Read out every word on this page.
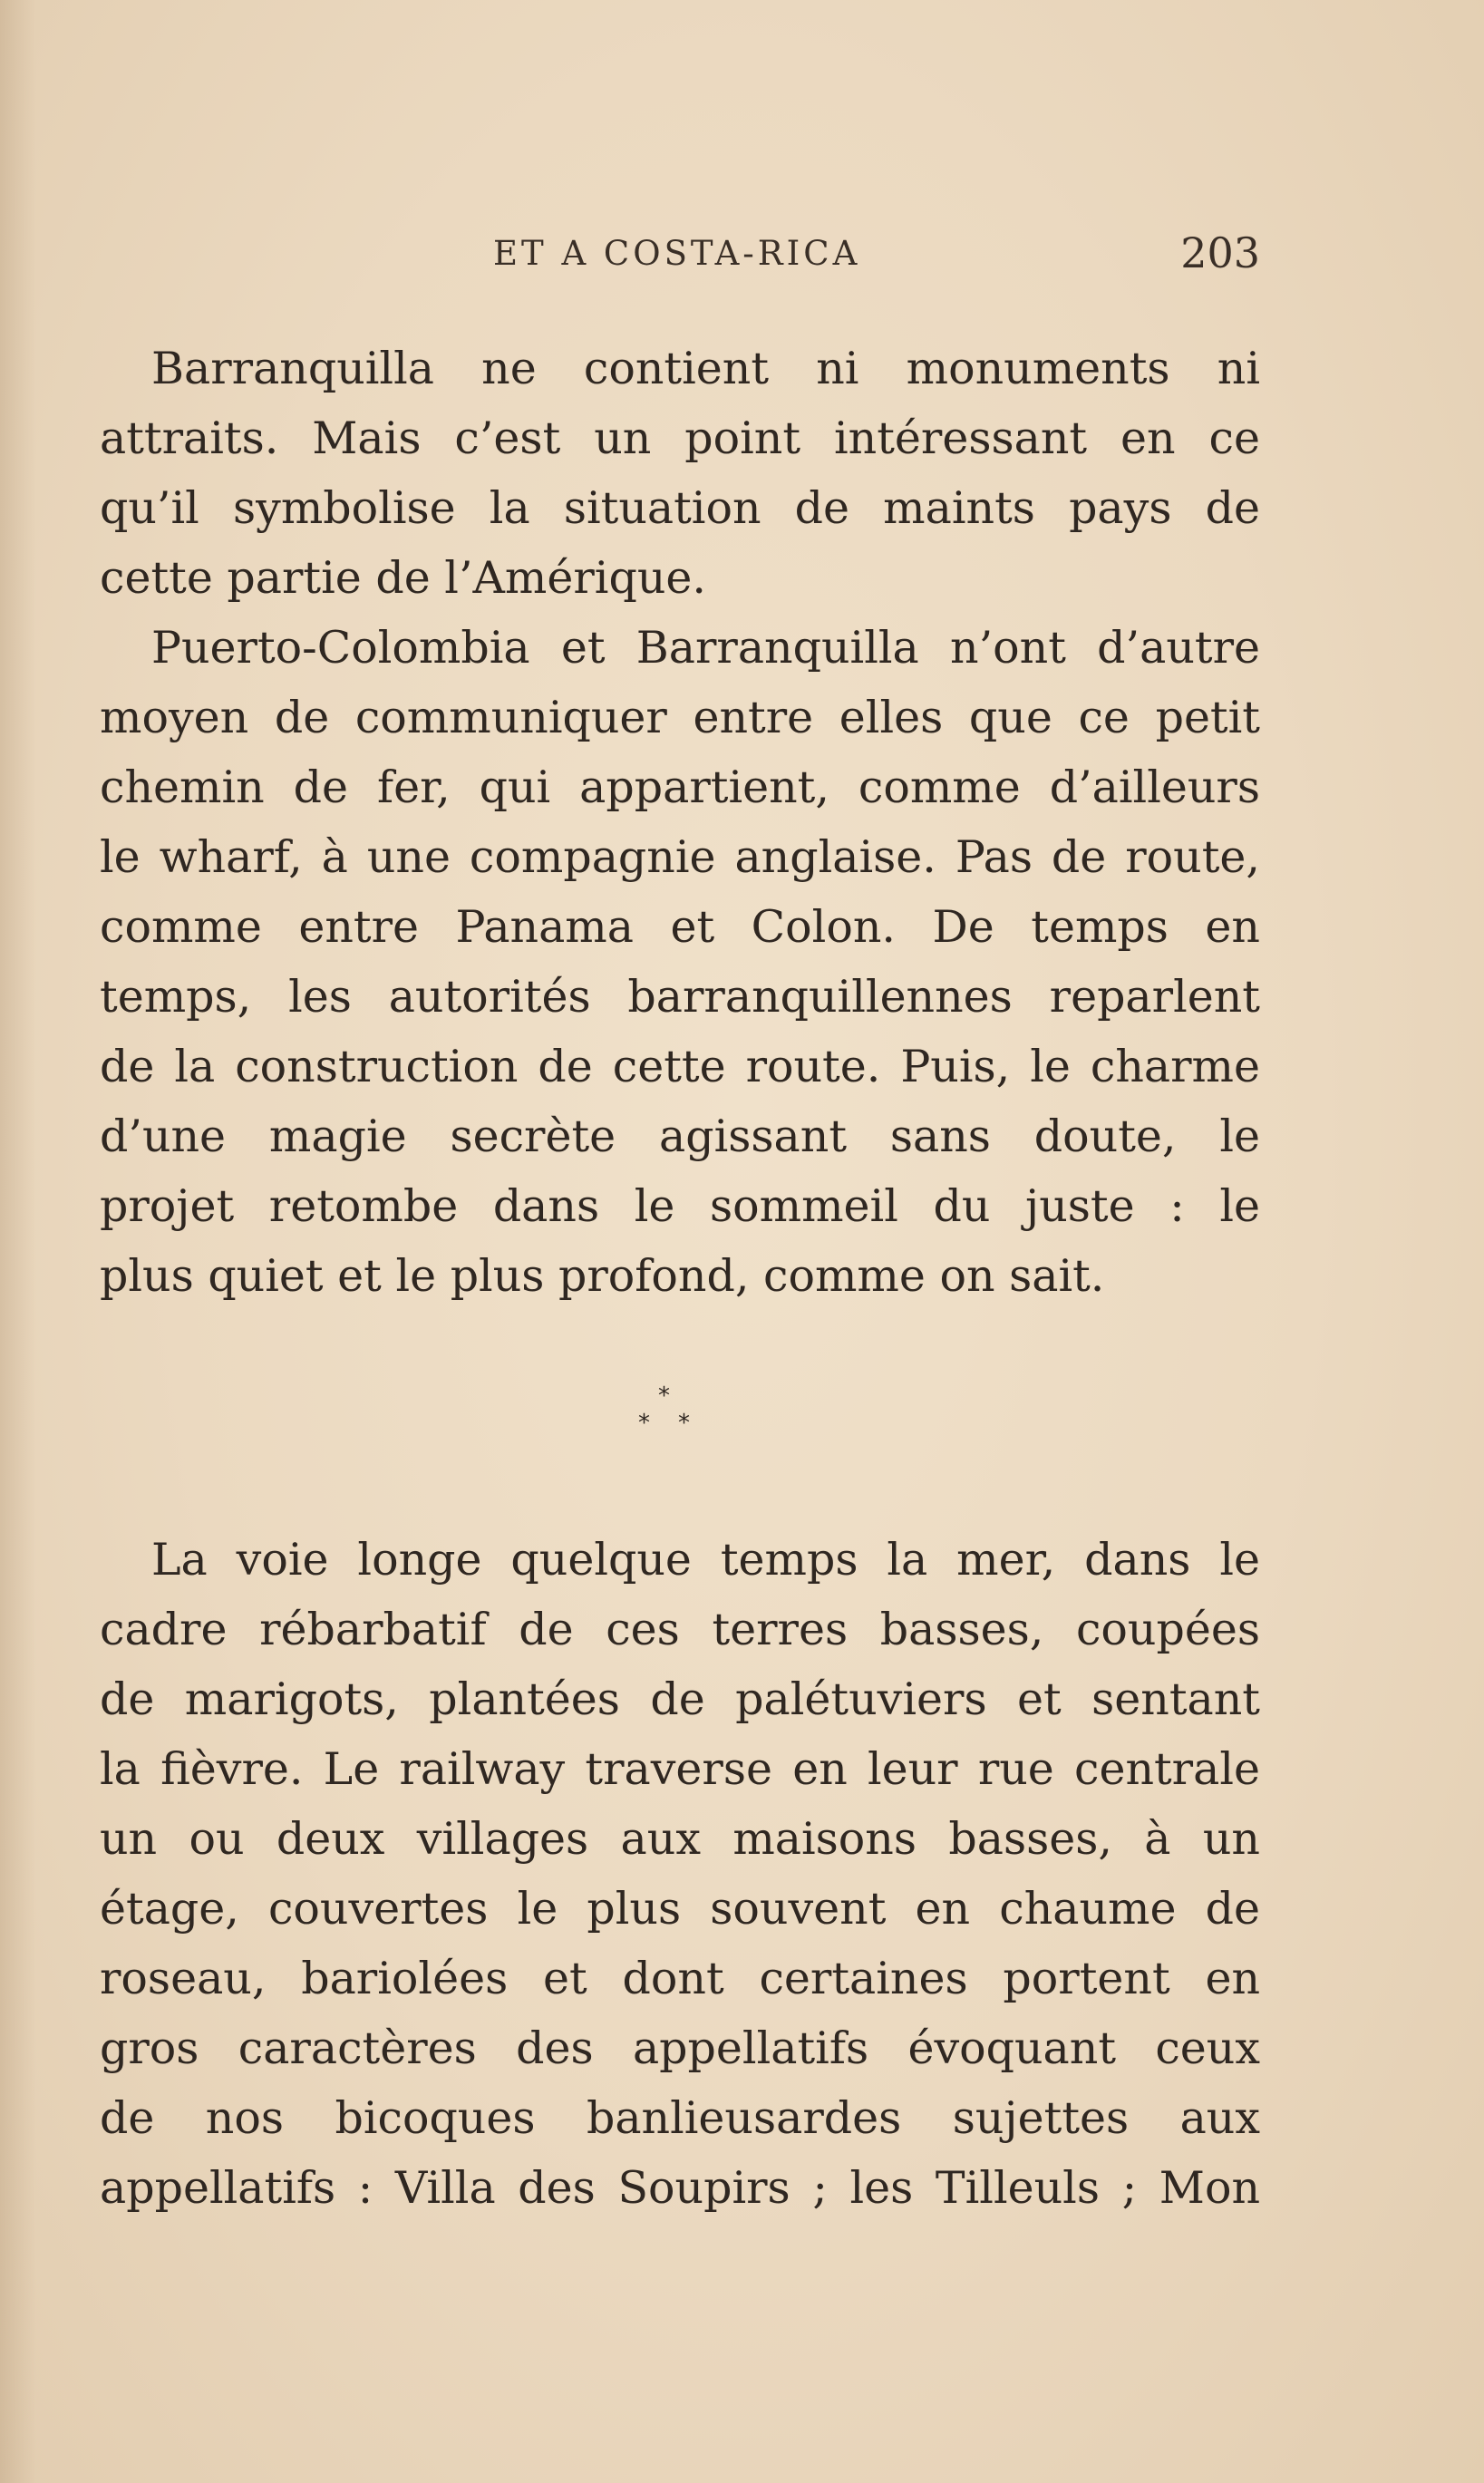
ET A COSTA-RICA	203
Barranquilla ne contient ni monuments ni
attraits. Mais c’est un point intéressant en ce
qu’il symbolise la situation de maints pays de
cette partie de l’Amérique.
Puerto-Colombia et Barranquilla n’ont d’autre
moyen de communiquer entre elles que ce petit
chemin de fer, qui appartient, comme d’ailleurs
le wharf, à une compagnie anglaise. Pas de route,
comme entre Panama et Colon. De temps en
temps, les autorités barranquillennes reparlent
de la construction de cette route. Puis, le charme
d’une magie secrète agissant sans doute, le
projet retombe dans le sommeil du juste : le
plus quiet et le plus profond, comme on sait.
*
* *
La voie longe quelque temps la mer, dans le
cadre rébarbatif de ces terres basses, coupées
de marigots, plantées de palétuviers et sentant
la fièvre. Le railway traverse en leur rue centrale
un ou deux villages aux maisons basses, à un
étage, couvertes le plus souvent en chaume de
roseau, bariolées et dont certaines portent en
gros caractères des appellatifs évoquant ceux
de nos bicoques banlieusardes sujettes aux
appellatifs : Villa des Soupirs ; les Tilleuls ; Mon
